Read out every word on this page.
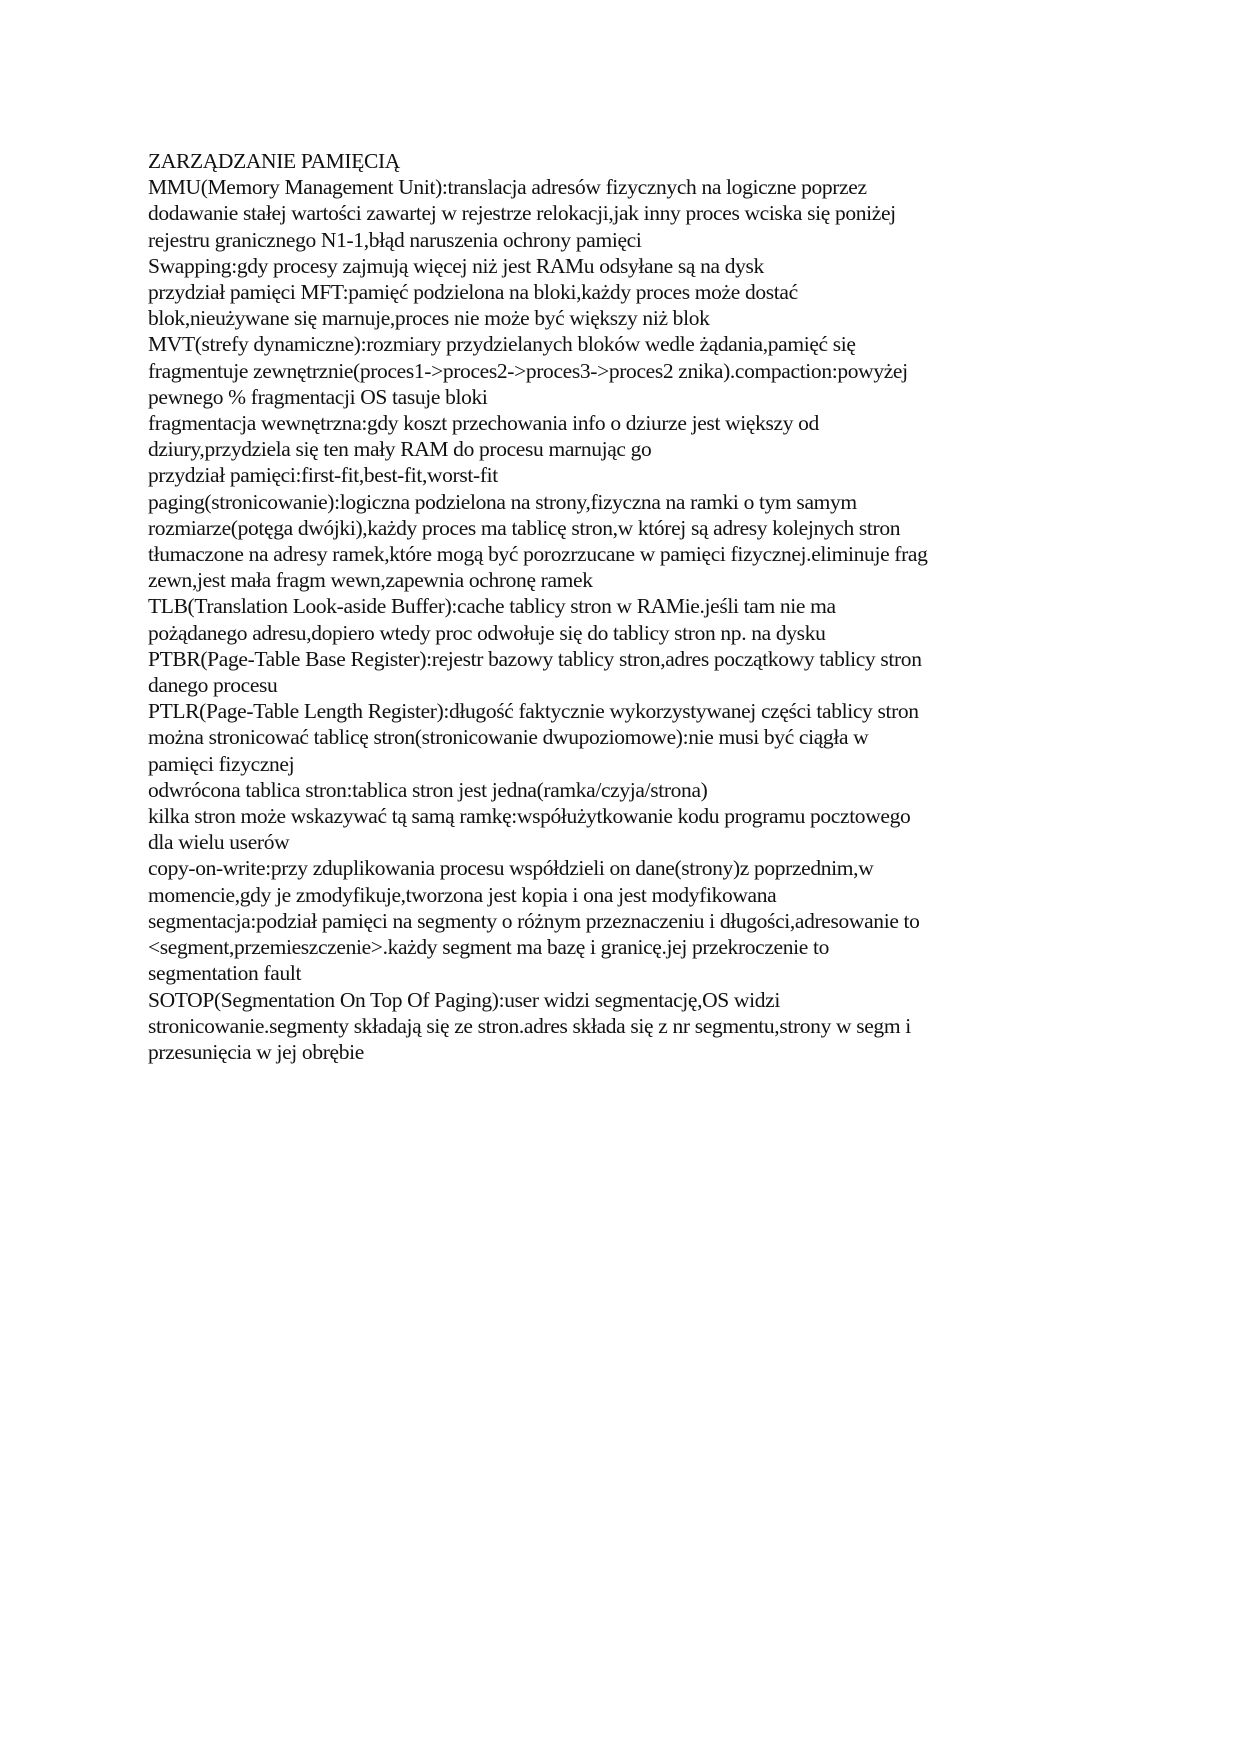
ZARZĄDZANIE PAMIĘCIĄ
MMU(Memory Management Unit):translacja adresów fizycznych na logiczne poprzez
dodawanie stałej wartości zawartej w rejestrze relokacji,jak inny proces wciska się poniżej
rejestru granicznego N1-1,błąd naruszenia ochrony pamięci
Swapping:gdy procesy zajmują więcej niż jest RAMu odsyłane są na dysk
przydział pamięci MFT:pamięć podzielona na bloki,każdy proces może dostać
blok,nieużywane się marnuje,proces nie może być większy niż blok
MVT(strefy dynamiczne):rozmiary przydzielanych bloków wedle żądania,pamięć się
fragmentuje zewnętrznie(proces1->proces2->proces3->proces2 znika).compaction:powyżej
pewnego % fragmentacji OS tasuje bloki
fragmentacja wewnętrzna:gdy koszt przechowania info o dziurze jest większy od
dziury,przydziela się ten mały RAM do procesu marnując go
przydział pamięci:first-fit,best-fit,worst-fit
paging(stronicowanie):logiczna podzielona na strony,fizyczna na ramki o tym samym
rozmiarze(potęga dwójki),każdy proces ma tablicę stron,w której są adresy kolejnych stron
tłumaczone na adresy ramek,które mogą być porozrzucane w pamięci fizycznej.eliminuje frag
zewn,jest mała fragm wewn,zapewnia ochronę ramek
TLB(Translation Look-aside Buffer):cache tablicy stron w RAMie.jeśli tam nie ma
pożądanego adresu,dopiero wtedy proc odwołuje się do tablicy stron np. na dysku
PTBR(Page-Table Base Register):rejestr bazowy tablicy stron,adres początkowy tablicy stron
danego procesu
PTLR(Page-Table Length Register):długość faktycznie wykorzystywanej części tablicy stron
można stronicować tablicę stron(stronicowanie dwupoziomowe):nie musi być ciągła w
pamięci fizycznej
odwrócona tablica stron:tablica stron jest jedna(ramka/czyja/strona)
kilka stron może wskazywać tą samą ramkę:współużytkowanie kodu programu pocztowego
dla wielu userów
copy-on-write:przy zduplikowania procesu współdzieli on dane(strony)z poprzednim,w
momencie,gdy je zmodyfikuje,tworzona jest kopia i ona jest modyfikowana
segmentacja:podział pamięci na segmenty o różnym przeznaczeniu i długości,adresowanie to
<segment,przemieszczenie>.każdy segment ma bazę i granicę.jej przekroczenie to
segmentation fault
SOTOP(Segmentation On Top Of Paging):user widzi segmentację,OS widzi
stronicowanie.segmenty składają się ze stron.adres składa się z nr segmentu,strony w segm i
przesunięcia w jej obrębie
